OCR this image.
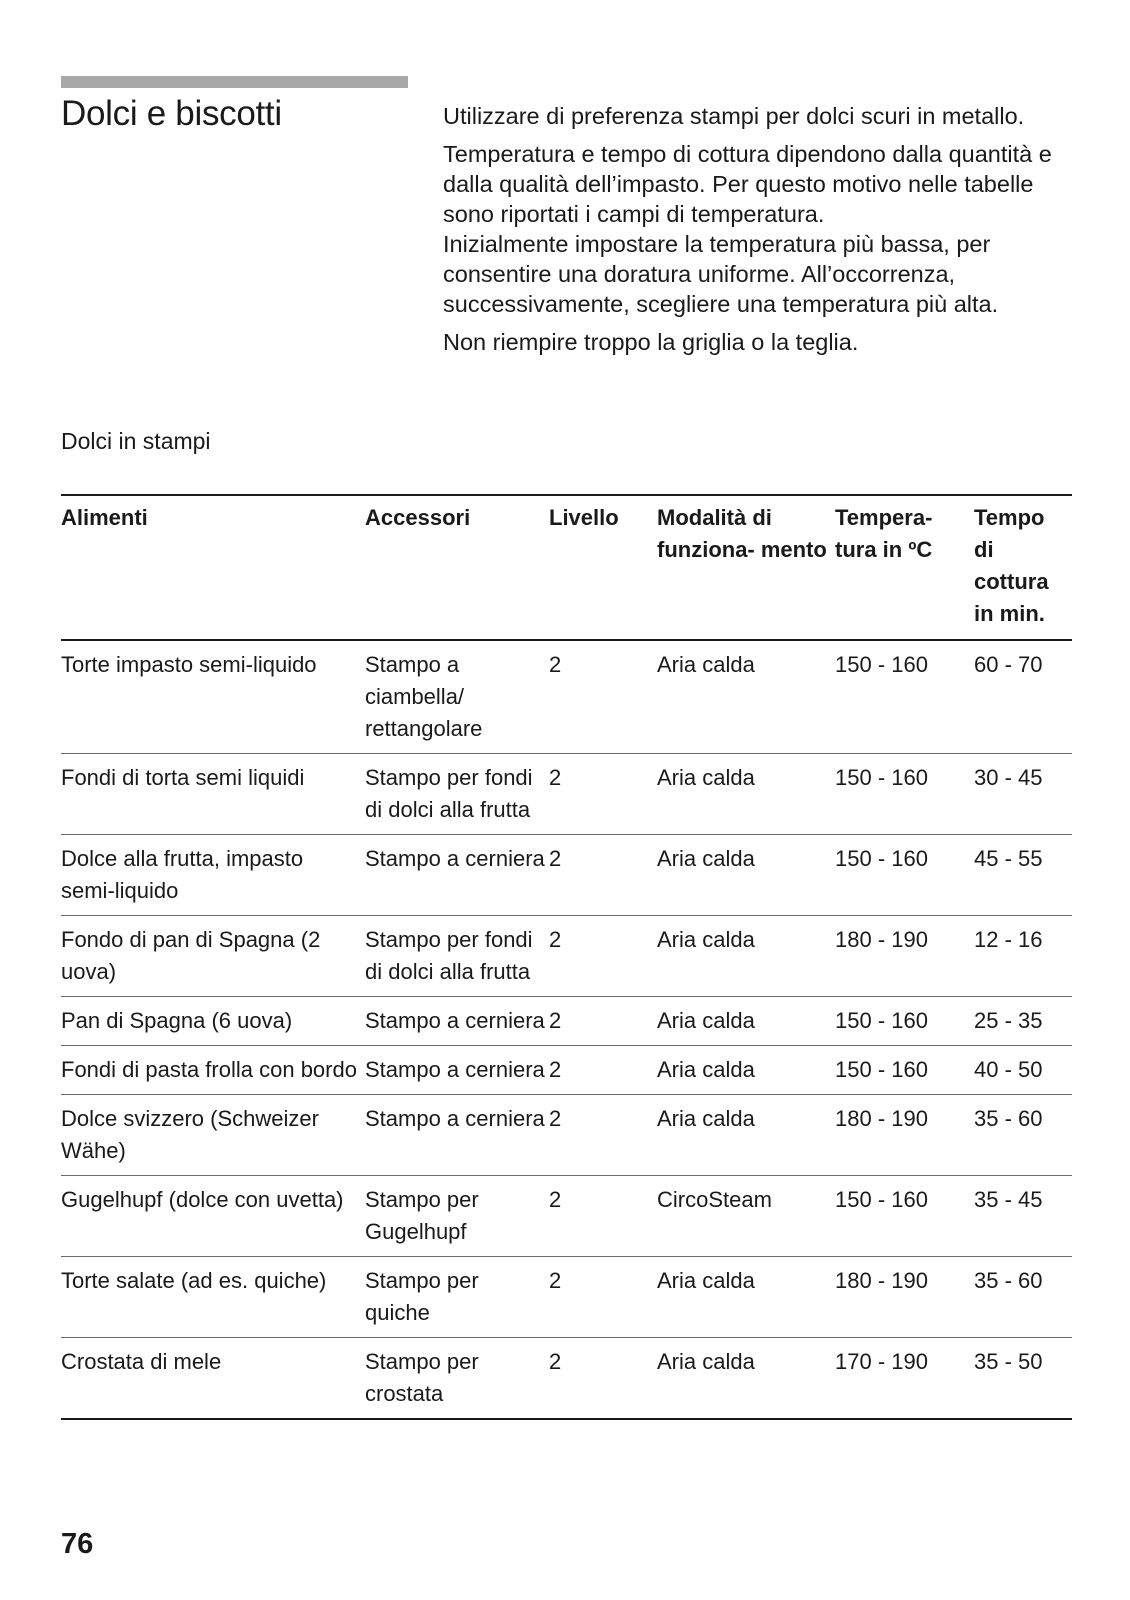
Dolci e biscotti	Utilizzare di preferenza stampi per dolci scuri in metallo.

Temperatura e tempo di cottura dipendono dalla quantità e dalla qualità dell’impasto. Per questo motivo nelle tabelle sono riportati i campi di temperatura.

Inizialmente impostare la temperatura più bassa, per consentire una doratura uniforme. All’occorrenza, successivamente, scegliere una temperatura più alta.

Non riempire troppo la griglia o la teglia.

Dolci in stampi
Alimenti	Accessori	Livello	Modalità di funziona- mento	Tempera- tura in ºC	Tempo di cottura in min.
Torte impasto semi-liquido	Stampo a ciambella/ rettangolare	2	Aria calda	150 - 160	60 - 70
Fondi di torta semi liquidi	Stampo per fondi di dolci alla frutta	2	Aria calda	150 - 160	30 - 45
Dolce alla frutta, impasto semi-liquido	Stampo a cerniera	2	Aria calda	150 - 160	45 - 55
Fondo di pan di Spagna (2 uova)	Stampo per fondi di dolci alla frutta	2	Aria calda	180 - 190	12 - 16
Pan di Spagna (6 uova)	Stampo a cerniera	2	Aria calda	150 - 160	25 - 35
Fondi di pasta frolla con bordo	Stampo a cerniera	2	Aria calda	150 - 160	40 - 50
Dolce svizzero (Schweizer Wähe)	Stampo a cerniera	2	Aria calda	180 - 190	35 - 60
Gugelhupf (dolce con uvetta)	Stampo per Gugelhupf	2	CircoSteam	150 - 160	35 - 45
Torte salate (ad es. quiche)	Stampo per quiche	2	Aria calda	180 - 190	35 - 60
Crostata di mele	Stampo per crostata	2	Aria calda	170 - 190	35 - 50
76
